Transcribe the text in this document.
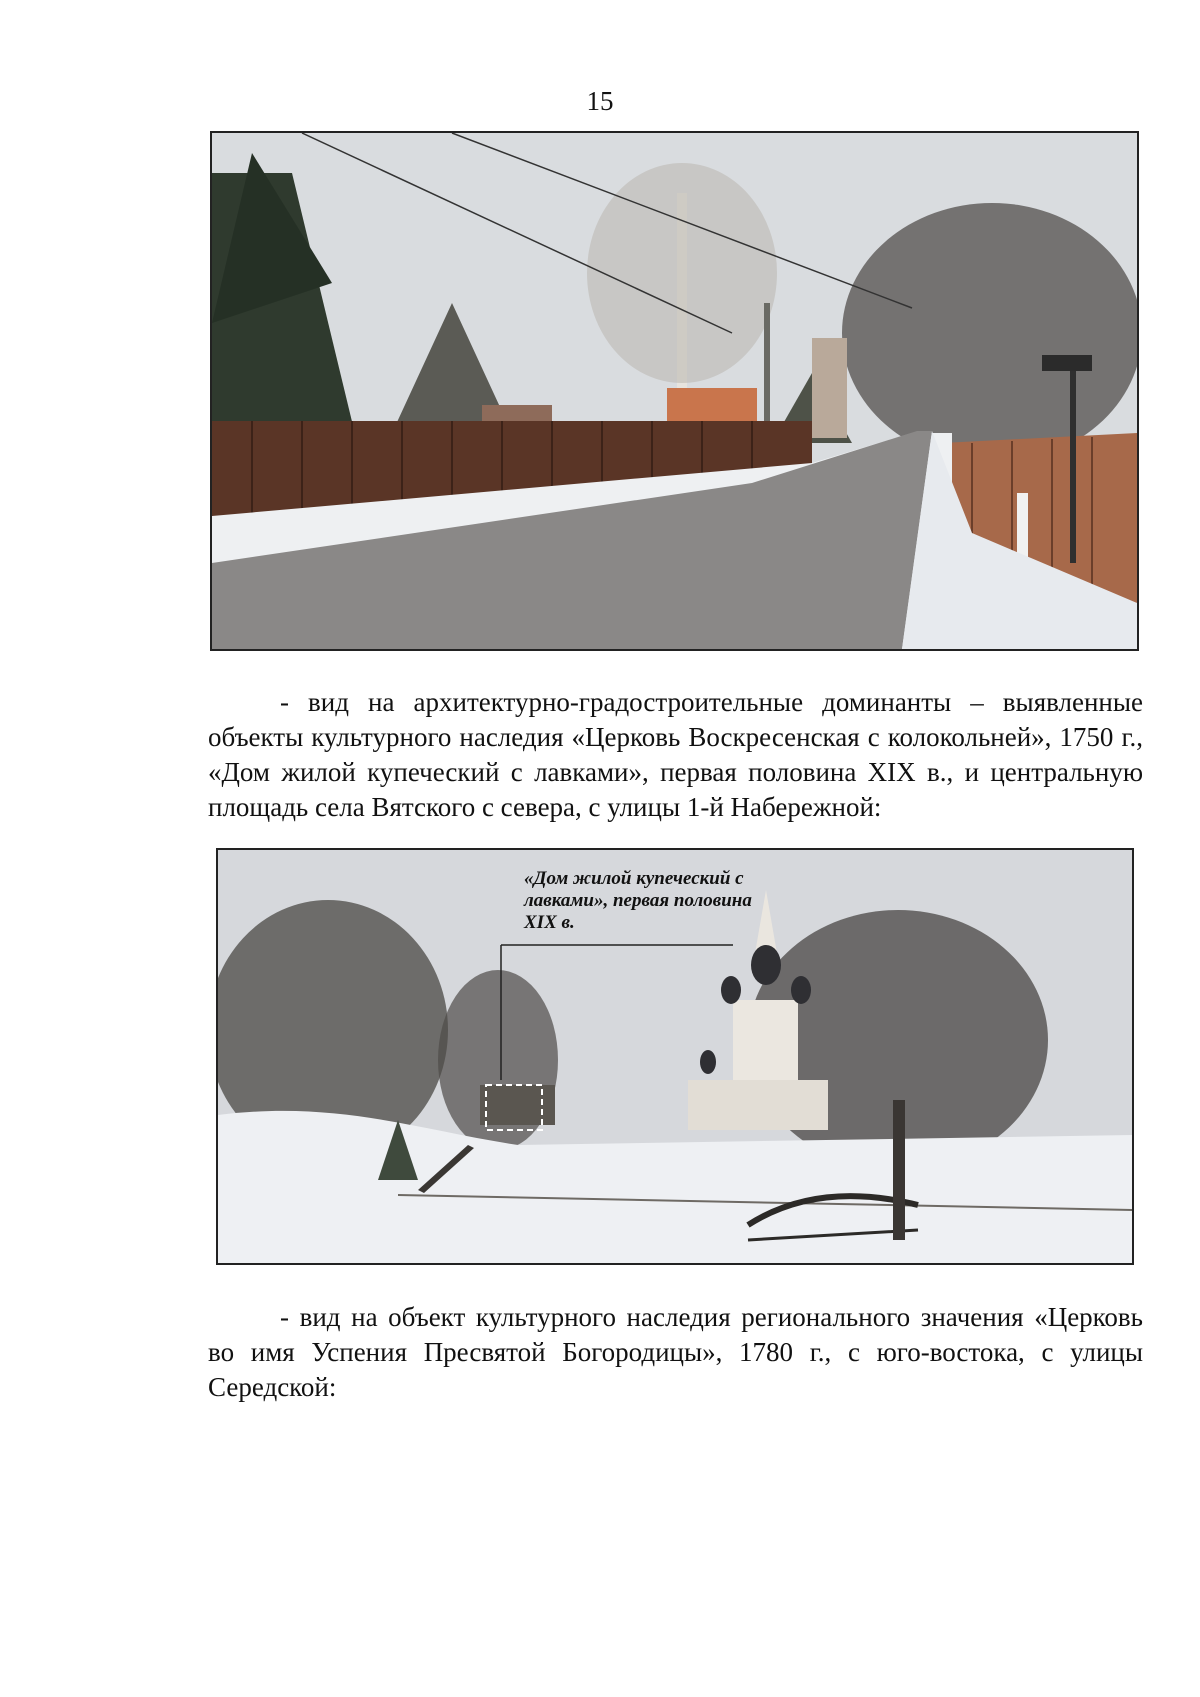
15

- вид на архитектурно-градостроительные доминанты – выявленные объекты культурного наследия «Церковь Воскресенская с колокольней», 1750 г., «Дом жилой купеческий с лавками», первая половина XIX в., и центральную площадь села Вятского с севера, с улицы 1-й Набережной:

«Дом жилой купеческий с лавками», первая половина XIX в.

- вид на объект культурного наследия регионального значения «Церковь во имя Успения Пресвятой Богородицы», 1780 г., с юго-востока, с улицы Середской:
